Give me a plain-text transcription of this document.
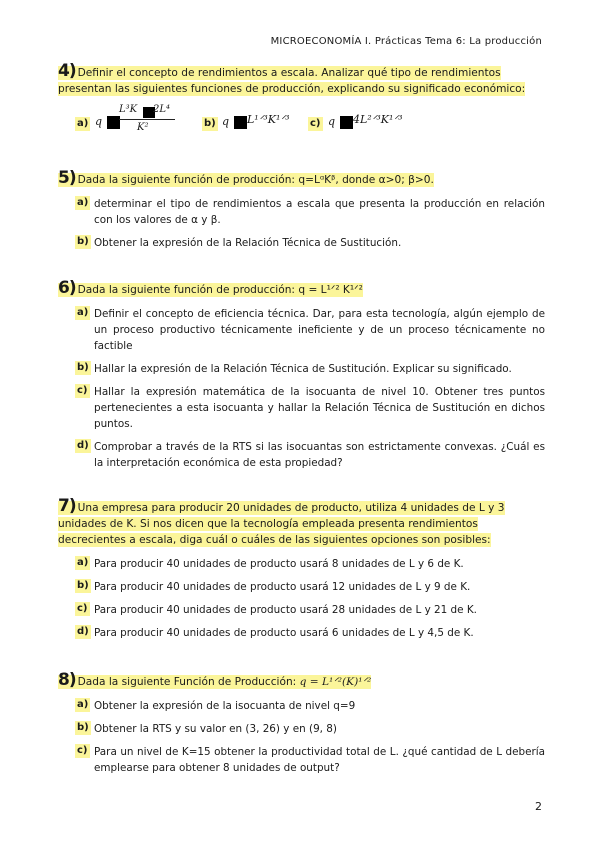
MICROECONOMÍA I. Prácticas Tema 6: La producción
4) Definir el concepto de rendimientos a escala. Analizar qué tipo de rendimientos presentan las siguientes funciones de producción, explicando su significado económico:
a) q
L³K 2L⁴
K²	b) q L¹ᐟ³K¹ᐟ³ c) q 4L²ᐟ³K¹ᐟ³
5) Dada la siguiente función de producción: q=LᵅKᵝ, donde α>0; β>0.
a) determinar el tipo de rendimientos a escala que presenta la producción en relación con los valores de α y β.
b) Obtener la expresión de la Relación Técnica de Sustitución.
6) Dada la siguiente función de producción: q = L¹ᐟ² K¹ᐟ²
a) Definir el concepto de eficiencia técnica. Dar, para esta tecnología, algún ejemplo de un proceso productivo técnicamente ineficiente y de un proceso técnicamente no factible
b) Hallar la expresión de la Relación Técnica de Sustitución. Explicar su significado.
c) Hallar la expresión matemática de la isocuanta de nivel 10. Obtener tres puntos pertenecientes a esta isocuanta y hallar la Relación Técnica de Sustitución en dichos puntos.
d) Comprobar a través de la RTS si las isocuantas son estrictamente convexas. ¿Cuál es la interpretación económica de esta propiedad?
7) Una empresa para producir 20 unidades de producto, utiliza 4 unidades de L y 3 unidades de K. Si nos dicen que la tecnología empleada presenta rendimientos decrecientes a escala, diga cuál o cuáles de las siguientes opciones son posibles:
a) Para producir 40 unidades de producto usará 8 unidades de L y 6 de K.
b) Para producir 40 unidades de producto usará 12 unidades de L y 9 de K.
c) Para producir 40 unidades de producto usará 28 unidades de L y 21 de K.
d) Para producir 40 unidades de producto usará 6 unidades de L y 4,5 de K.
8) Dada la siguiente Función de Producción: q = L¹ᐟ²(K)¹ᐟ²
a) Obtener la expresión de la isocuanta de nivel q=9
b) Obtener la RTS y su valor en (3, 26) y en (9, 8)
c) Para un nivel de K=15 obtener la productividad total de L. ¿qué cantidad de L debería emplearse para obtener 8 unidades de output?
2
